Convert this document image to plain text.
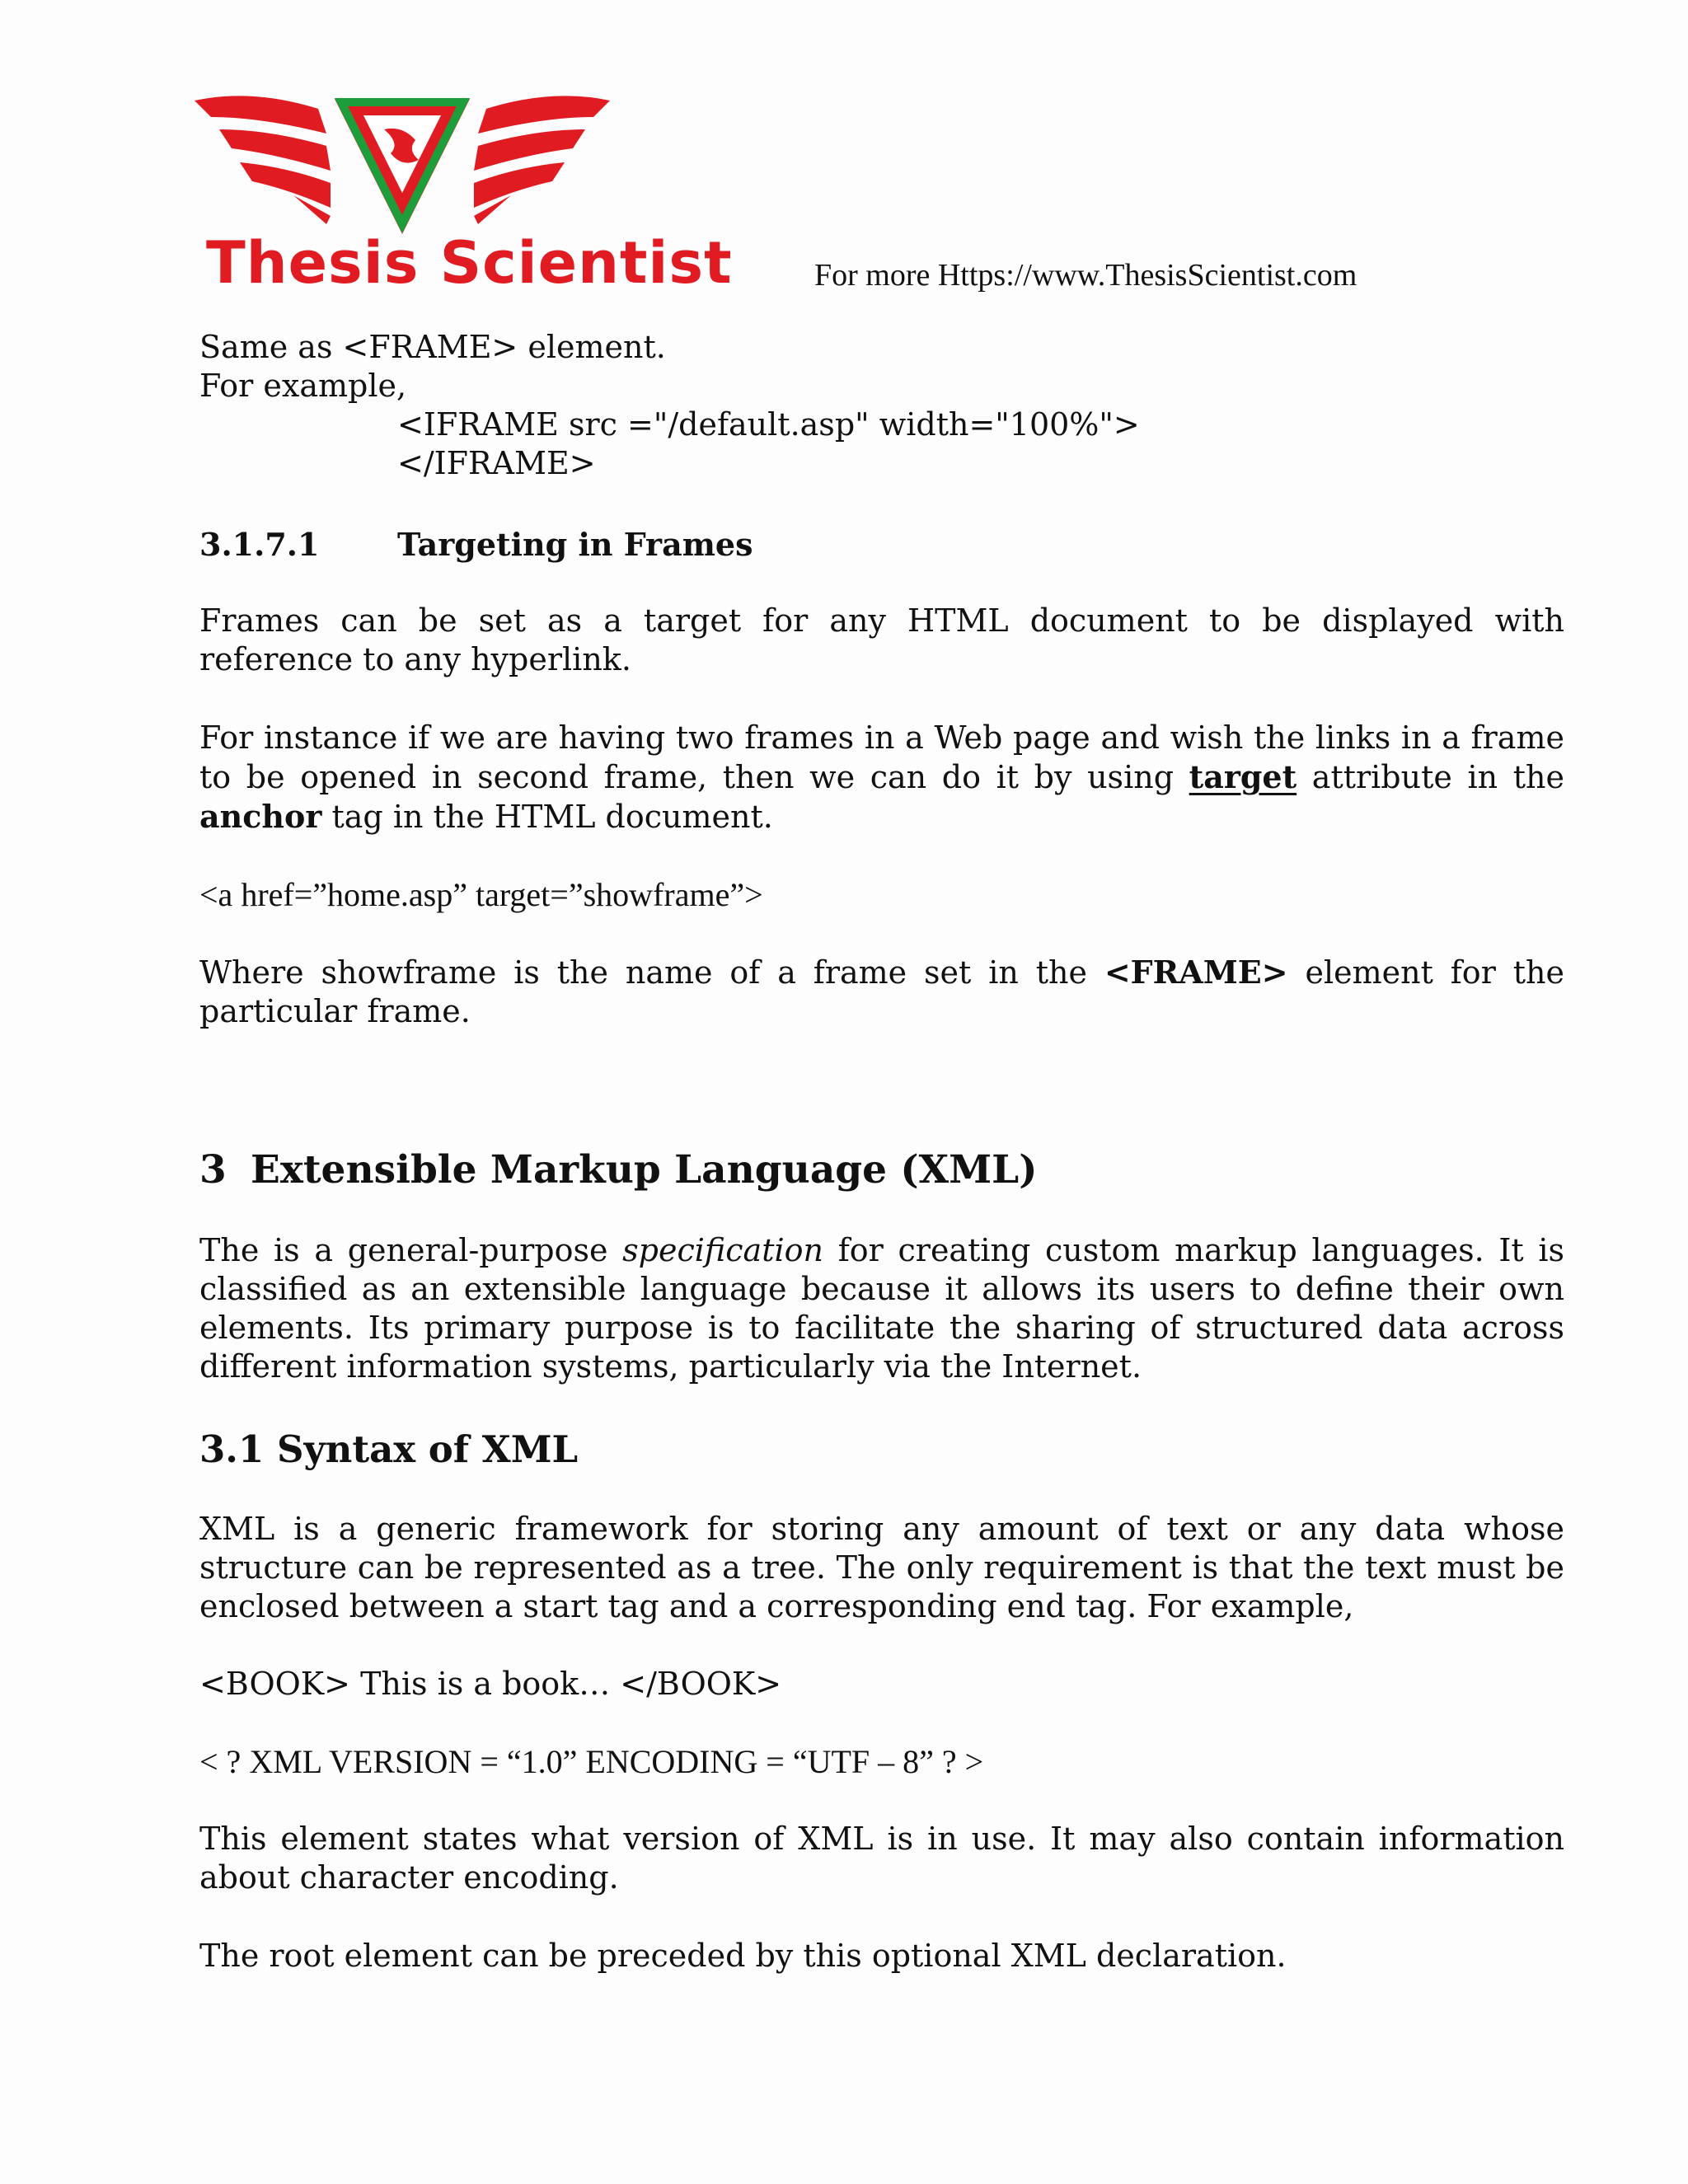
Thesis Scientist	For more Https://www.ThesisScientist.com
Same as <FRAME> element.
For example,
<IFRAME src ="/default.asp" width="100%">
</IFRAME>
3.1.7.1 Targeting in Frames
Frames can be set as a target for any HTML document to be displayed with reference to any hyperlink.
For instance if we are having two frames in a Web page and wish the links in a frame to be opened in second frame, then we can do it by using target attribute in the anchor tag in the HTML document.
<a href=”home.asp” target=”showframe”>
Where showframe is the name of a frame set in the <FRAME> element for the particular frame.
3 Extensible Markup Language (XML)
The is a general-purpose specification for creating custom markup languages. It is classified as an extensible language because it allows its users to define their own elements. Its primary purpose is to facilitate the sharing of structured data across different information systems, particularly via the Internet.
3.1 Syntax of XML
XML is a generic framework for storing any amount of text or any data whose structure can be represented as a tree. The only requirement is that the text must be enclosed between a start tag and a corresponding end tag. For example,
<BOOK> This is a book… </BOOK>
< ? XML VERSION = “1.0” ENCODING = “UTF – 8” ? >
This element states what version of XML is in use. It may also contain information about character encoding.
The root element can be preceded by this optional XML declaration.
